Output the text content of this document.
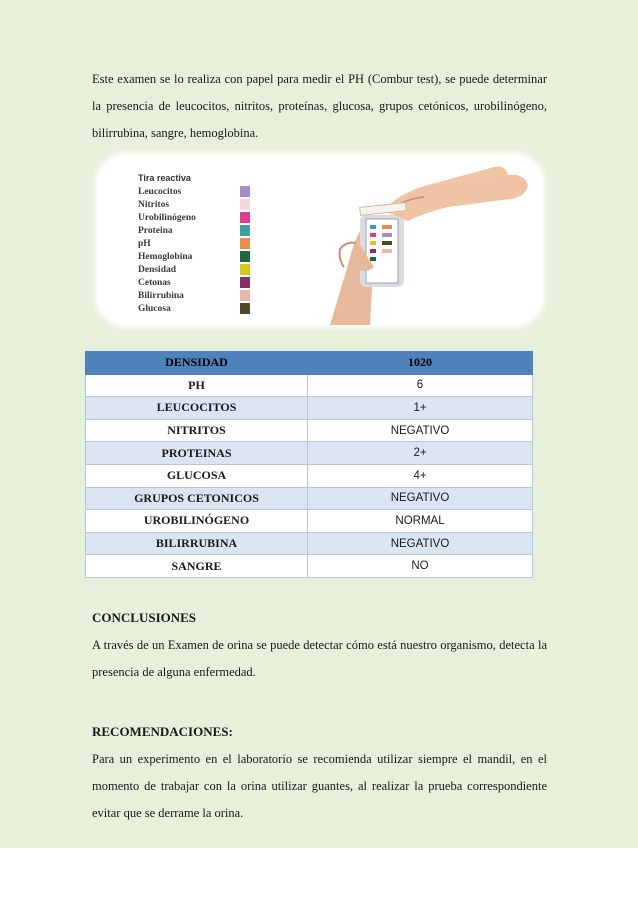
Este examen se lo realiza con papel para medir el PH (Combur test), se puede determinar la presencia de leucocitos, nitritos, proteínas, glucosa, grupos cetónicos, urobilinógeno, bilirrubina, sangre, hemoglobina.

Tira reactiva
Leucocitos
Nitritos
Urobilinógeno
Proteina
pH
Hemoglobina
Densidad
Cetonas
Bilirrubina
Glucosa
DENSIDAD	1020
PH	6
LEUCOCITOS	1+
NITRITOS	NEGATIVO
PROTEINAS	2+
GLUCOSA	4+
GRUPOS CETONICOS	NEGATIVO
UROBILINÓGENO	NORMAL
BILIRRUBINA	NEGATIVO
SANGRE	NO
CONCLUSIONES

A través de un Examen de orina se puede detectar cómo está nuestro organismo, detecta la presencia de alguna enfermedad.

RECOMENDACIONES:

Para un experimento en el laboratorio se recomienda utilizar siempre el mandil, en el momento de trabajar con la orina utilizar guantes, al realizar la prueba correspondiente evitar que se derrame la orina.
